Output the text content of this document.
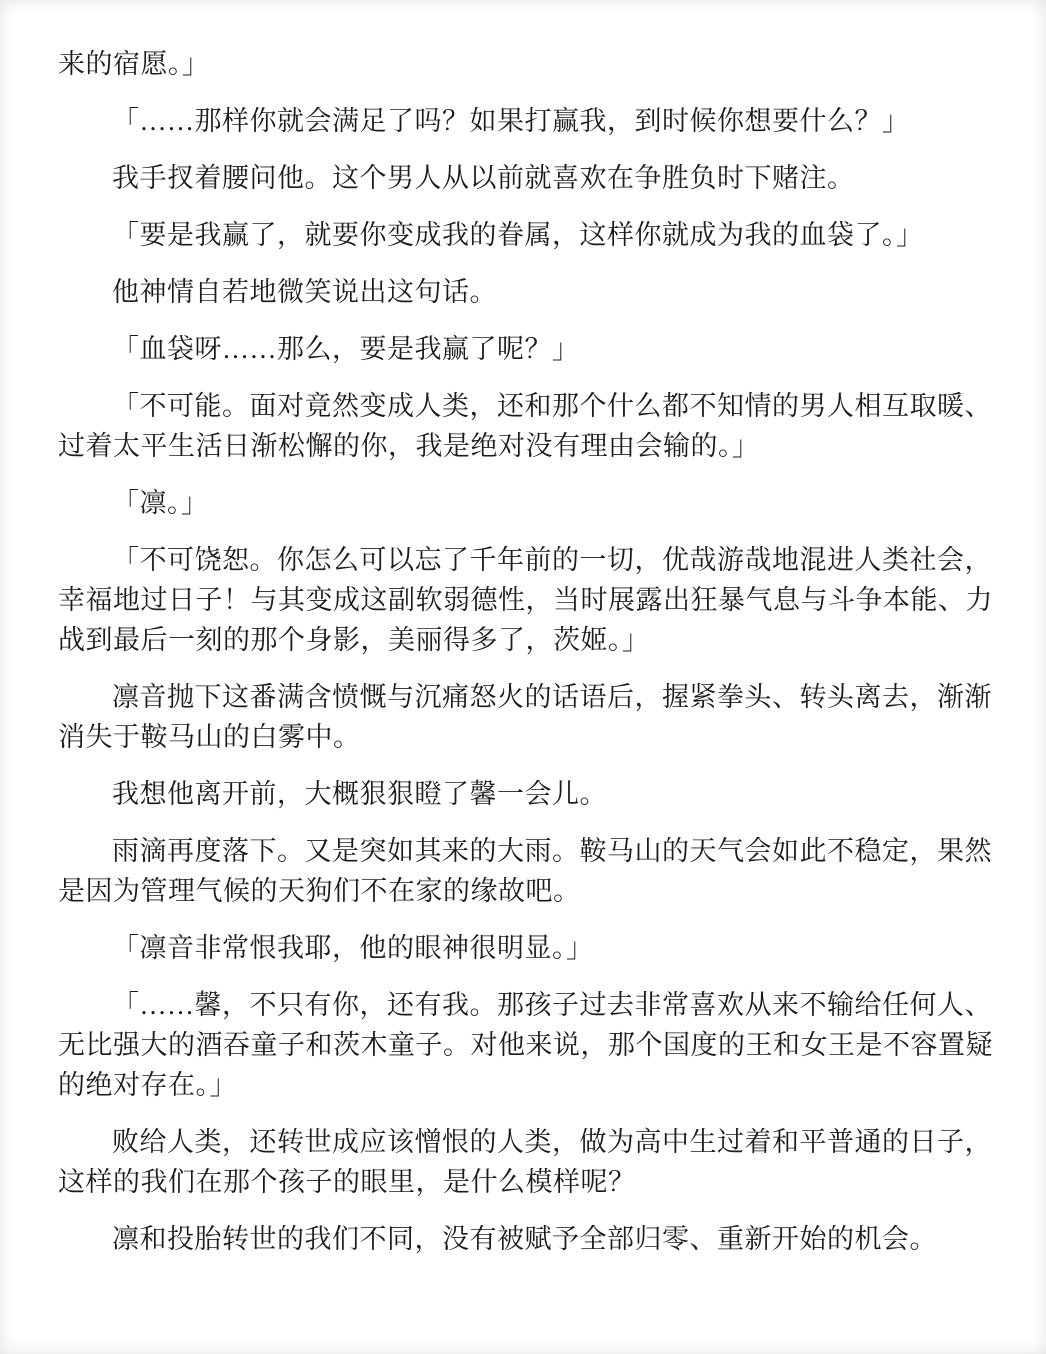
来的宿愿。」
「……那样你就会满足了吗？如果打赢我，到时候你想要什么？」
我手扠着腰问他。这个男人从以前就喜欢在争胜负时下赌注。
「要是我赢了，就要你变成我的眷属，这样你就成为我的血袋了。」
他神情自若地微笑说出这句话。
「血袋呀……那么，要是我赢了呢？」
「不可能。面对竟然变成人类，还和那个什么都不知情的男人相互取暖、
过着太平生活日渐松懈的你，我是绝对没有理由会输的。」
「凛。」
「不可饶恕。你怎么可以忘了千年前的一切，优哉游哉地混进人类社会，
幸福地过日子！与其变成这副软弱德性，当时展露出狂暴气息与斗争本能、力
战到最后一刻的那个身影，美丽得多了，茨姬。」
凛音抛下这番满含愤慨与沉痛怒火的话语后，握紧拳头、转头离去，渐渐
消失于鞍马山的白雾中。
我想他离开前，大概狠狠瞪了馨一会儿。
雨滴再度落下。又是突如其来的大雨。鞍马山的天气会如此不稳定，果然
是因为管理气候的天狗们不在家的缘故吧。
「凛音非常恨我耶，他的眼神很明显。」
「……馨，不只有你，还有我。那孩子过去非常喜欢从来不输给任何人、
无比强大的酒吞童子和茨木童子。对他来说，那个国度的王和女王是不容置疑
的绝对存在。」
败给人类，还转世成应该憎恨的人类，做为高中生过着和平普通的日子，
这样的我们在那个孩子的眼里，是什么模样呢？
凛和投胎转世的我们不同，没有被赋予全部归零、重新开始的机会。
